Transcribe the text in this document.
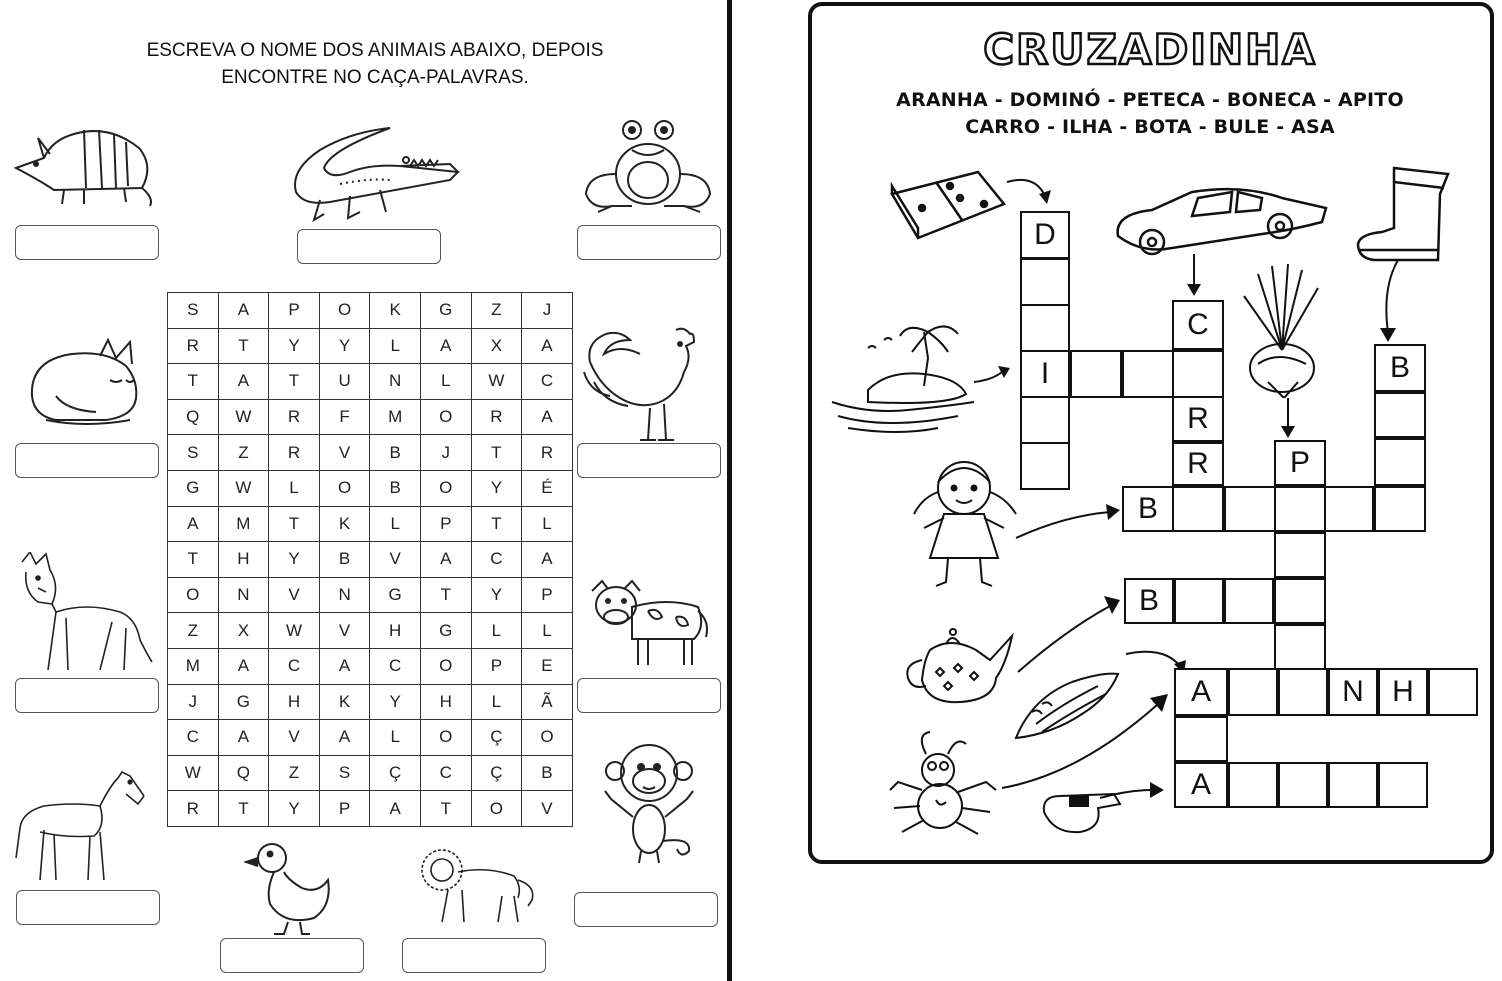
ESCREVA O NOME DOS ANIMAIS ABAIXO, DEPOIS
ENCONTRE NO CAÇA-PALAVRAS.
S	A	P	O	K	G	Z	J
R	T	Y	Y	L	A	X	A
T	A	T	U	N	L	W	C
Q	W	R	F	M	O	R	A
S	Z	R	V	B	J	T	R
G	W	L	O	B	O	Y	É
A	M	T	K	L	P	T	L
T	H	Y	B	V	A	C	A
O	N	V	N	G	T	Y	P
Z	X	W	V	H	G	L	L
M	A	C	A	C	O	P	E
J	G	H	K	Y	H	L	Ã
C	A	V	A	L	O	Ç	O
W	Q	Z	S	Ç	C	Ç	B
R	T	Y	P	A	T	O	V
CRUZADINHA
ARANHA - DOMINÓ - PETECA - BONECA - APITO
CARRO - ILHA - BOTA - BULE - ASA
D
I
C
R
R
B
B
P
B
A	N H
A
